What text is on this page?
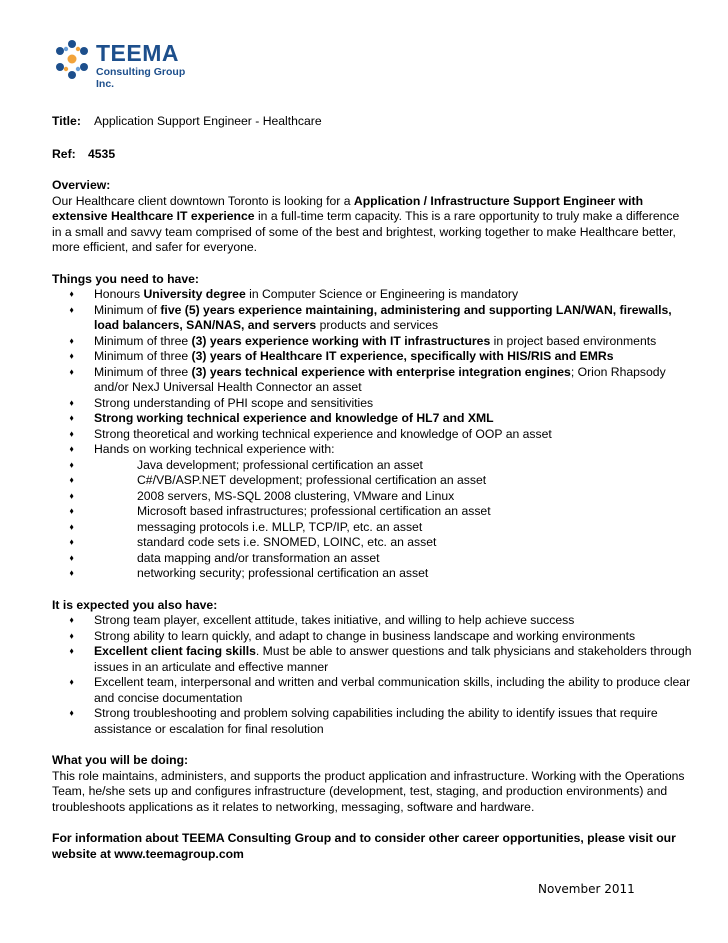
TEEMA
Consulting Group Inc.
Title:	Application Support Engineer - Healthcare
Ref:	4535
Overview:

Our Healthcare client downtown Toronto is looking for a Application / Infrastructure Support Engineer with extensive Healthcare IT experience in a full-time term capacity. This is a rare opportunity to truly make a difference in a small and savvy team comprised of some of the best and brightest, working together to make Healthcare better, more efficient, and safer for everyone.

Things you need to have:
◆ Honours University degree in Computer Science or Engineering is mandatory
◆ Minimum of five (5) years experience maintaining, administering and supporting LAN/WAN, firewalls, load balancers, SAN/NAS, and servers products and services
◆ Minimum of three (3) years experience working with IT infrastructures in project based environments
◆ Minimum of three (3) years of Healthcare IT experience, specifically with HIS/RIS and EMRs
◆ Minimum of three (3) years technical experience with enterprise integration engines; Orion Rhapsody and/or NexJ Universal Health Connector an asset
◆ Strong understanding of PHI scope and sensitivities
◆ Strong working technical experience and knowledge of HL7 and XML
◆ Strong theoretical and working technical experience and knowledge of OOP an asset
◆ Hands on working technical experience with:
◆ Java development; professional certification an asset
◆ C#/VB/ASP.NET development; professional certification an asset
◆ 2008 servers, MS-SQL 2008 clustering, VMware and Linux
◆ Microsoft based infrastructures; professional certification an asset
◆ messaging protocols i.e. MLLP, TCP/IP, etc. an asset
◆ standard code sets i.e. SNOMED, LOINC, etc. an asset
◆ data mapping and/or transformation an asset
◆ networking security; professional certification an asset
It is expected you also have:
◆ Strong team player, excellent attitude, takes initiative, and willing to help achieve success
◆ Strong ability to learn quickly, and adapt to change in business landscape and working environments
◆ Excellent client facing skills. Must be able to answer questions and talk physicians and stakeholders through issues in an articulate and effective manner
◆ Excellent team, interpersonal and written and verbal communication skills, including the ability to produce clear and concise documentation
◆ Strong troubleshooting and problem solving capabilities including the ability to identify issues that require assistance or escalation for final resolution
What you will be doing:

This role maintains, administers, and supports the product application and infrastructure. Working with the Operations Team, he/she sets up and configures infrastructure (development, test, staging, and production environments) and troubleshoots applications as it relates to networking, messaging, software and hardware.

For information about TEEMA Consulting Group and to consider other career opportunities, please visit our website at www.teemagroup.com

November 2011
